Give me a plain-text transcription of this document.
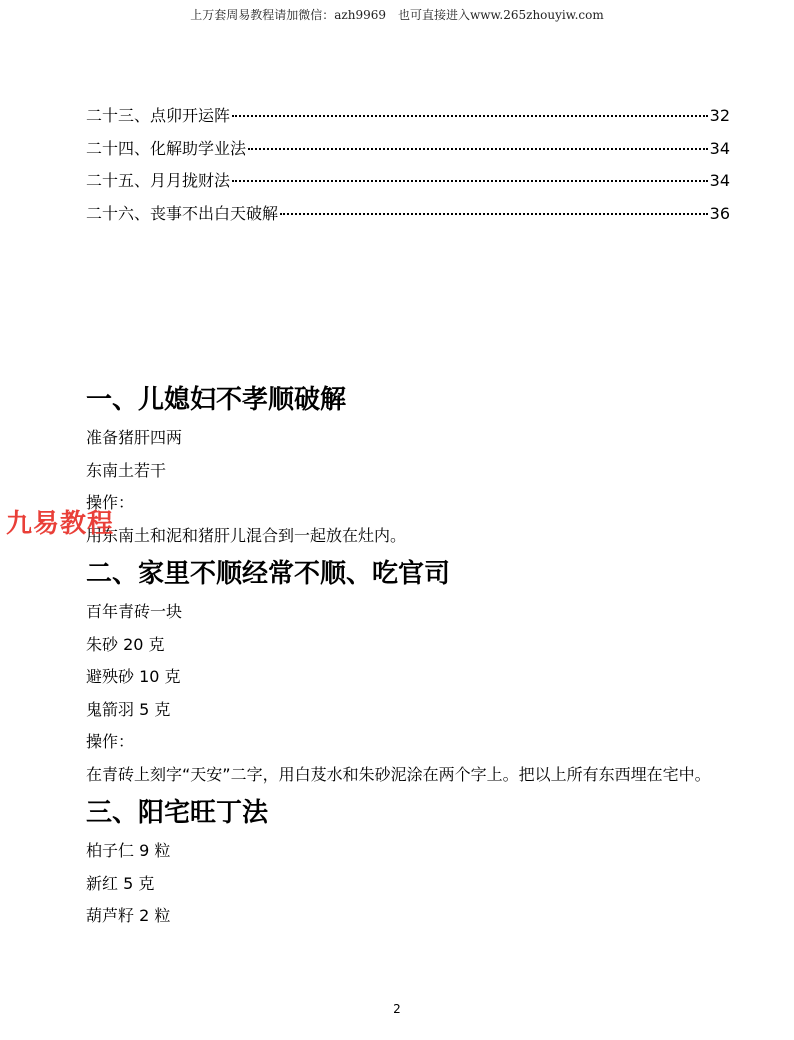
上万套周易教程请加微信：azh9969　也可直接进入www.265zhouyiw.com
二十三、点卯开运阵	32
二十四、化解助学业法	34
二十五、月月拢财法	34
二十六、丧事不出白天破解	36
一、儿媳妇不孝顺破解

准备猪肝四两

东南土若干

操作：

用东南土和泥和猪肝儿混合到一起放在灶内。

二、家里不顺经常不顺、吃官司

百年青砖一块

朱砂 20 克

避殃砂 10 克

鬼箭羽 5 克

操作：

在青砖上刻字“天安”二字，用白芨水和朱砂泥涂在两个字上。把以上所有东西埋在宅中。

三、阳宅旺丁法

柏子仁 9 粒

新红 5 克

葫芦籽 2 粒

九易教程
2
